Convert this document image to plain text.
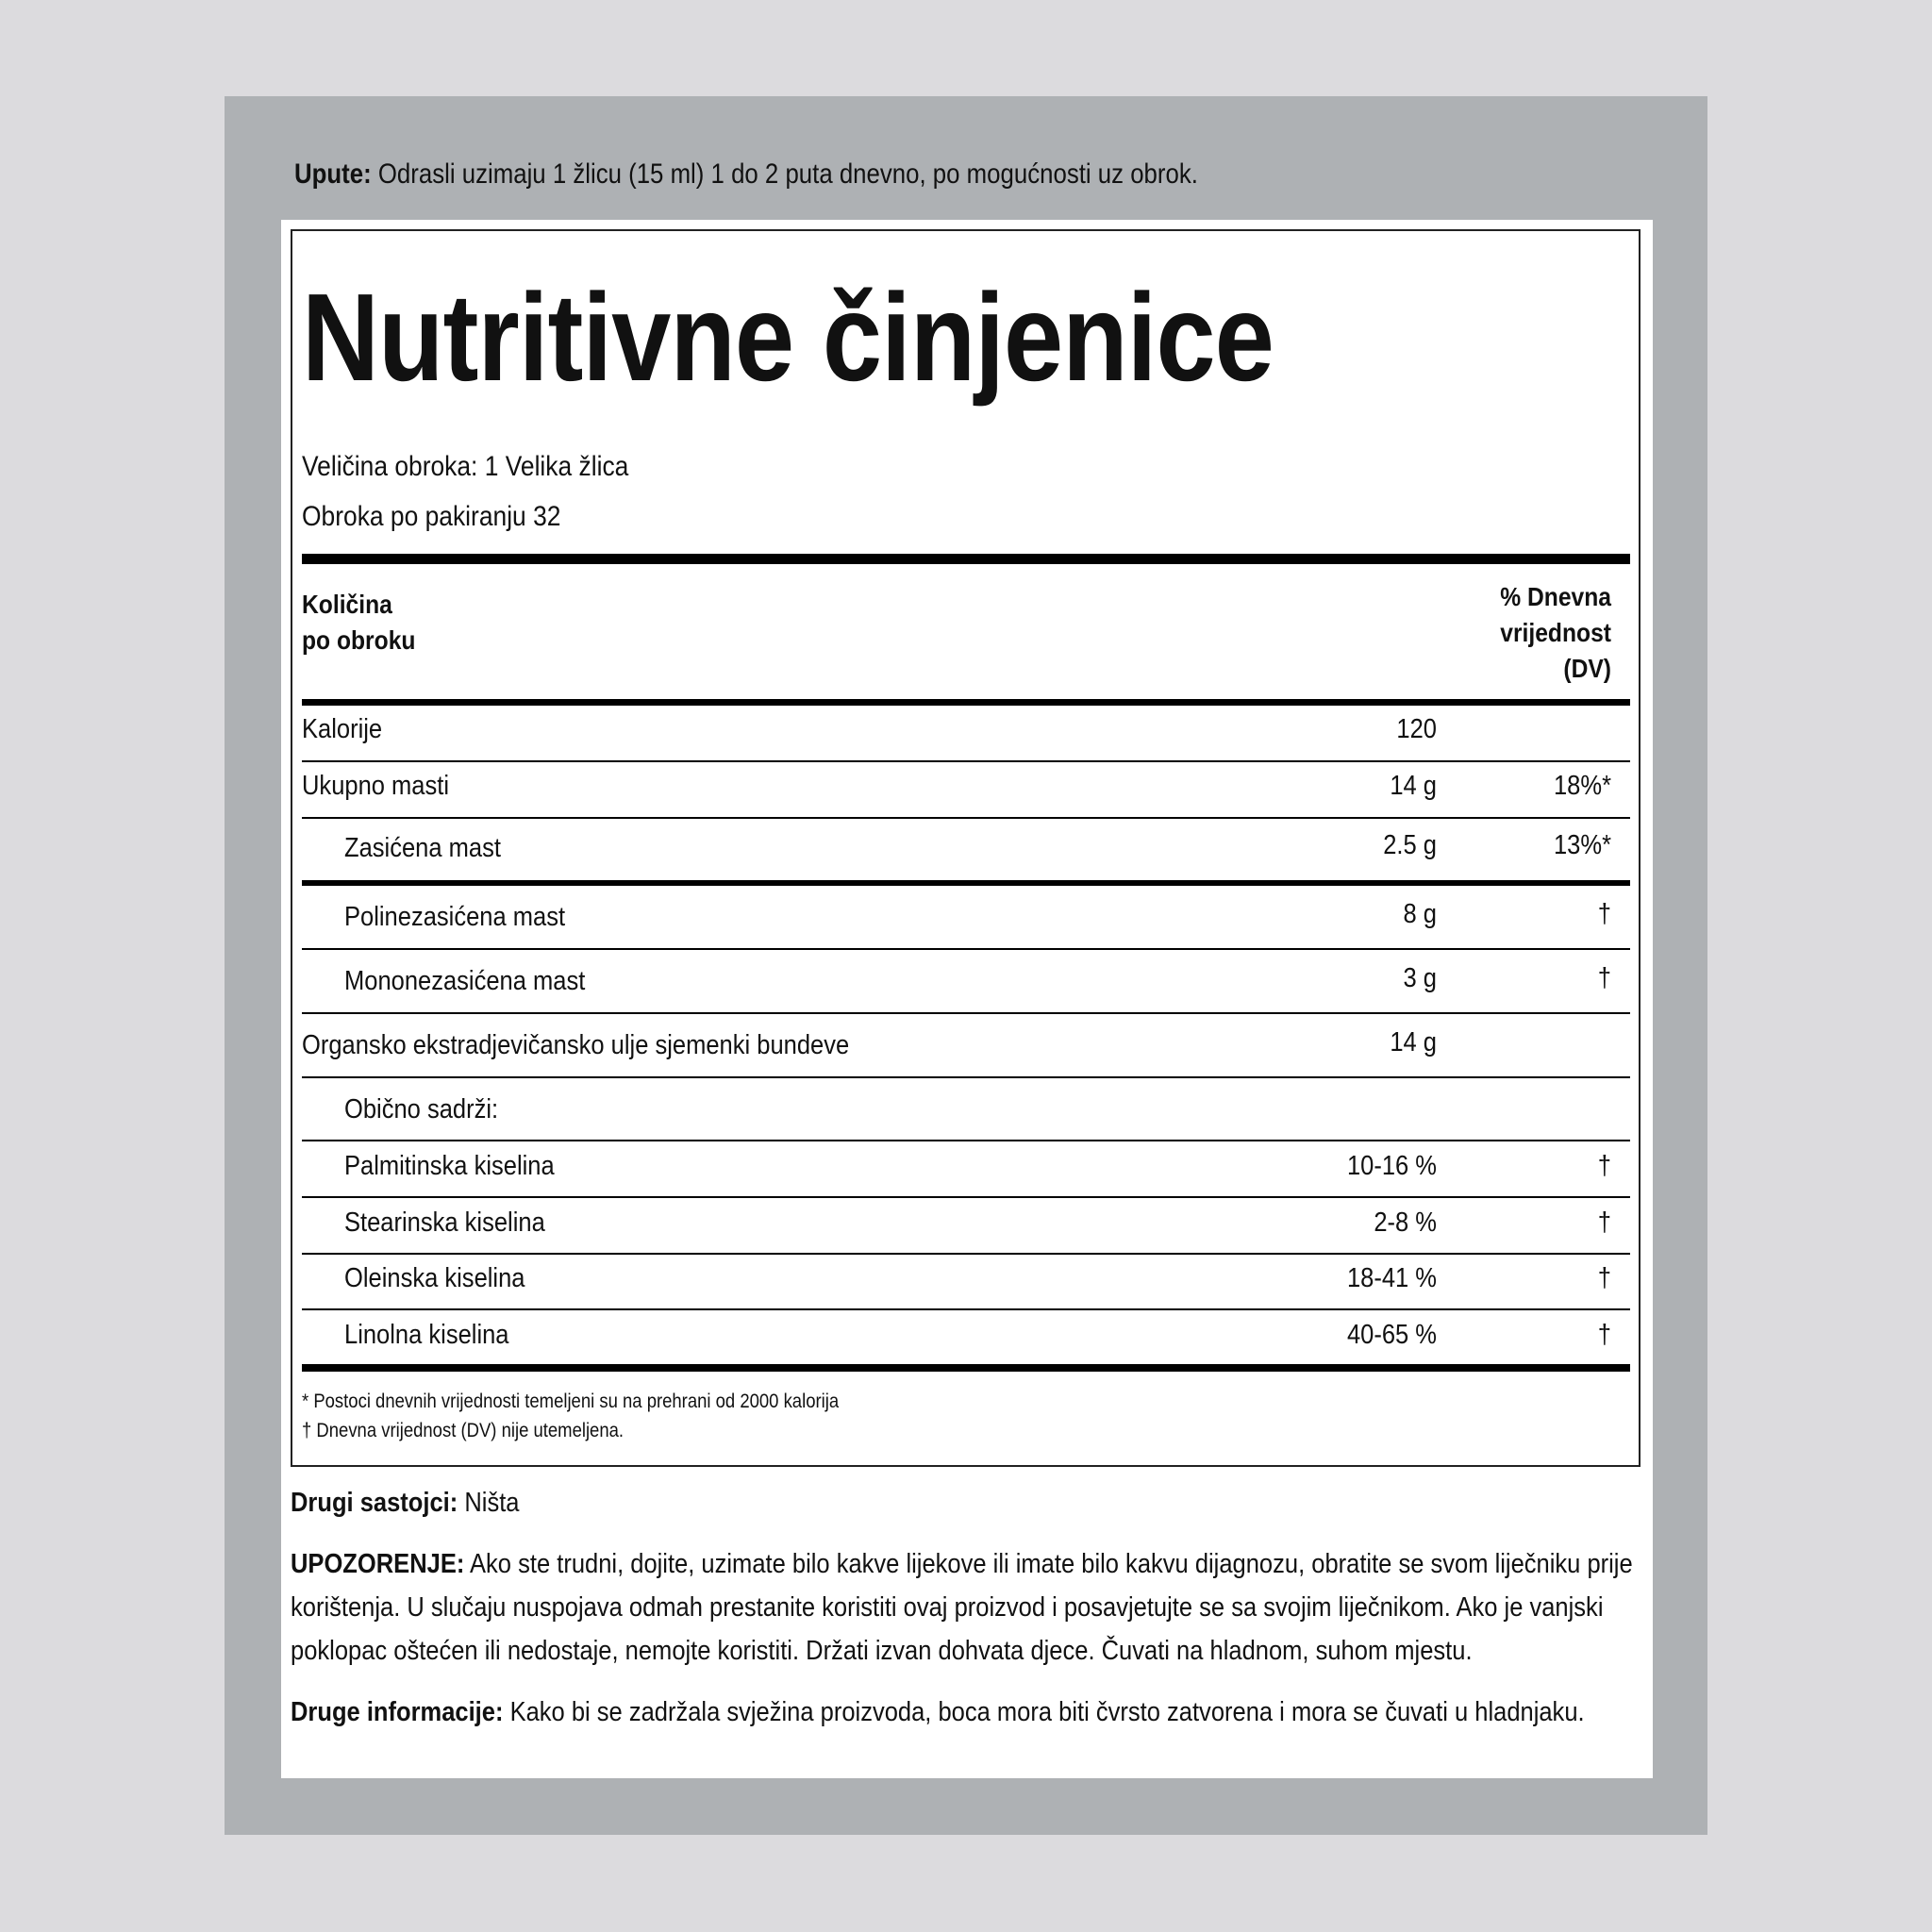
Upute: Odrasli uzimaju 1 žlicu (15 ml) 1 do 2 puta dnevno, po mogućnosti uz obrok.
Nutritivne činjenice
Veličina obroka: 1 Velika žlica
Obroka po pakiranju 32
Količina
po obroku
% Dnevna
vrijednost
(DV)
Kalorije	120
Ukupno masti	14 g	18%*
Zasićena mast	2.5 g	13%*
Polinezasićena mast	8 g	†
Mononezasićena mast	3 g	†
Organsko ekstradjevičansko ulje sjemenki bundeve	14 g
Obično sadrži:
Palmitinska kiselina	10-16 %	†
Stearinska kiselina	2-8 %	†
Oleinska kiselina	18-41 %	†
Linolna kiselina	40-65 %	†
* Postoci dnevnih vrijednosti temeljeni su na prehrani od 2000 kalorija
† Dnevna vrijednost (DV) nije utemeljena.
Drugi sastojci: Ništa
UPOZORENJE: Ako ste trudni, dojite, uzimate bilo kakve lijekove ili imate bilo kakvu dijagnozu, obratite se svom liječniku prije korištenja. U slučaju nuspojava odmah prestanite koristiti ovaj proizvod i posavjetujte se sa svojim liječnikom. Ako je vanjski poklopac oštećen ili nedostaje, nemojte koristiti. Držati izvan dohvata djece. Čuvati na hladnom, suhom mjestu.
Druge informacije: Kako bi se zadržala svježina proizvoda, boca mora biti čvrsto zatvorena i mora se čuvati u hladnjaku.
